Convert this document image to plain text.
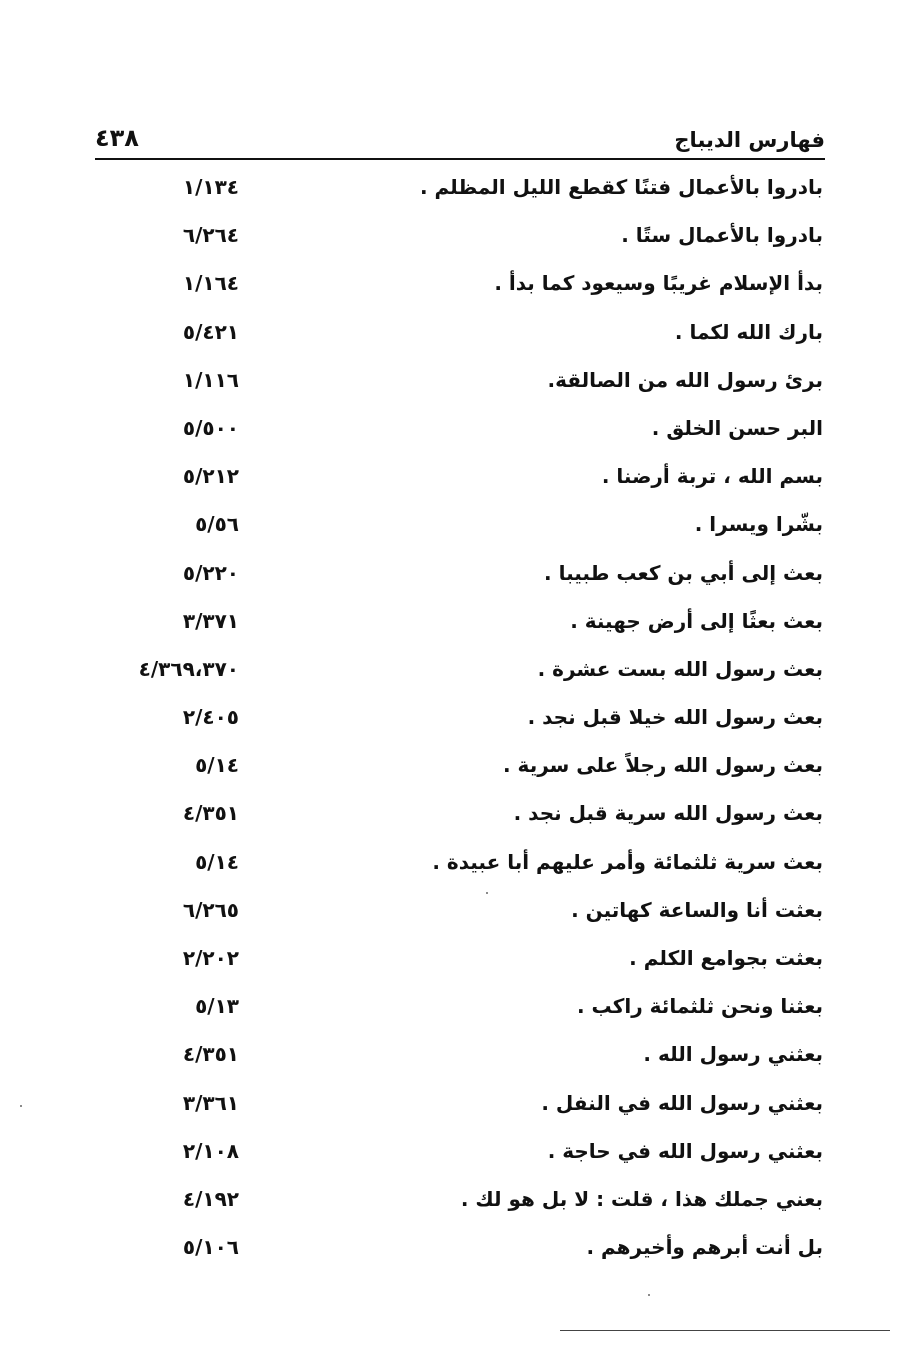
فهارس الديباج
٤٣٨
بادروا بالأعمال فتنًا كقطع الليل المظلم .
١/١٣٤
بادروا بالأعمال ستًا .
٦/٢٦٤
بدأ الإسلام غريبًا وسيعود كما بدأ .
١/١٦٤
بارك الله لكما .
٥/٤٢١
برئ رسول الله من الصالقة.
١/١١٦
البر حسن الخلق .
٥/٥٠٠
بسم الله ، تربة أرضنا .
٥/٢١٢
بشّرا ويسرا .
٥/٥٦
بعث إلى أبي بن كعب طبيبا .
٥/٢٢٠
بعث بعثًا إلى أرض جهينة .
٣/٣٧١
بعث رسول الله بست عشرة .
٤/٣٦٩،٣٧٠
بعث رسول الله خيلا قبل نجد .
٢/٤٠٥
بعث رسول الله رجلاً على سرية .
٥/١٤
بعث رسول الله سرية قبل نجد .
٤/٣٥١
بعث سرية ثلثمائة وأمر عليهم أبا عبيدة .
٥/١٤
بعثت أنا والساعة كهاتين .
٦/٢٦٥
بعثت بجوامع الكلم .
٢/٢٠٢
بعثنا ونحن ثلثمائة راكب .
٥/١٣
بعثني رسول الله .
٤/٣٥١
بعثني رسول الله في النفل .
٣/٣٦١
بعثني رسول الله في حاجة .
٢/١٠٨
بعني جملك هذا ، قلت : لا بل هو لك .
٤/١٩٢
بل أنت أبرهم وأخيرهم .
٥/١٠٦
